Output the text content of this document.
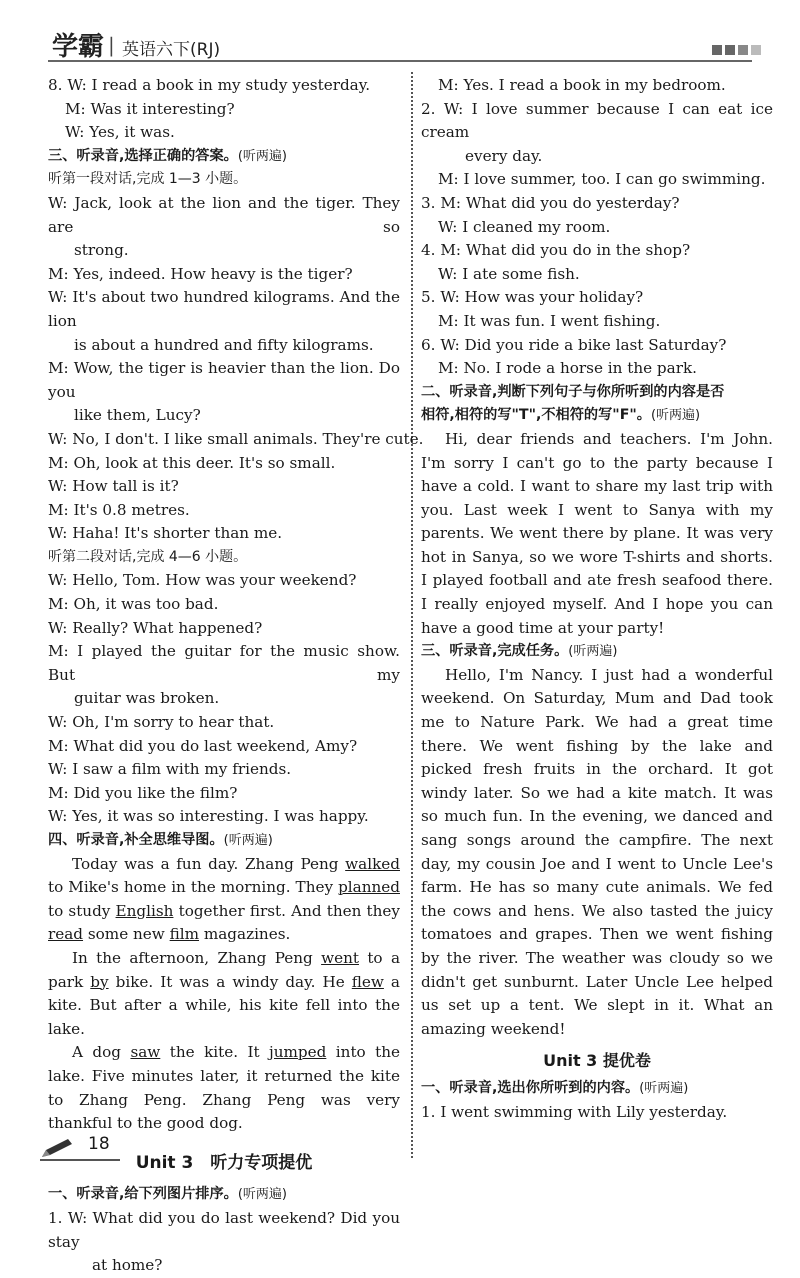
学霸 | 英语六下(RJ)
8. W: I read a book in my study yesterday.
M: Was it interesting?
W: Yes, it was.
三、听录音,选择正确的答案。(听两遍)
听第一段对话,完成 1—3 小题。
W: Jack, look at the lion and the tiger. They are so
strong.
M: Yes, indeed. How heavy is the tiger?
W: It's about two hundred kilograms. And the lion
is about a hundred and fifty kilograms.
M: Wow, the tiger is heavier than the lion. Do you
like them, Lucy?
W: No, I don't. I like small animals. They're cute.
M: Oh, look at this deer. It's so small.
W: How tall is it?
M: It's 0.8 metres.
W: Haha! It's shorter than me.
听第二段对话,完成 4—6 小题。
W: Hello, Tom. How was your weekend?
M: Oh, it was too bad.
W: Really? What happened?
M: I played the guitar for the music show. But my
guitar was broken.
W: Oh, I'm sorry to hear that.
M: What did you do last weekend, Amy?
W: I saw a film with my friends.
M: Did you like the film?
W: Yes, it was so interesting. I was happy.
四、听录音,补全思维导图。(听两遍)
Today was a fun day. Zhang Peng walked to Mike's home in the morning. They planned to study English together first. And then they read some new film magazines.
In the afternoon, Zhang Peng went to a park by bike. It was a windy day. He flew a kite. But after a while, his kite fell into the lake.
A dog saw the kite. It jumped into the lake. Five minutes later, it returned the kite to Zhang Peng. Zhang Peng was very thankful to the good dog.
Unit 3　听力专项提优
一、听录音,给下列图片排序。(听两遍)
1. W: What did you do last weekend? Did you stay
at home?
M: Yes. I read a book in my bedroom.
2. W: I love summer because I can eat ice cream
every day.
M: I love summer, too. I can go swimming.
3. M: What did you do yesterday?
W: I cleaned my room.
4. M: What did you do in the shop?
W: I ate some fish.
5. W: How was your holiday?
M: It was fun. I went fishing.
6. W: Did you ride a bike last Saturday?
M: No. I rode a horse in the park.
二、听录音,判断下列句子与你所听到的内容是否
相符,相符的写"T",不相符的写"F"。(听两遍)
Hi, dear friends and teachers. I'm John. I'm sorry I can't go to the party because I have a cold. I want to share my last trip with you. Last week I went to Sanya with my parents. We went there by plane. It was very hot in Sanya, so we wore T-shirts and shorts. I played football and ate fresh seafood there. I really enjoyed myself. And I hope you can have a good time at your party!
三、听录音,完成任务。(听两遍)
Hello, I'm Nancy. I just had a wonderful weekend. On Saturday, Mum and Dad took me to Nature Park. We had a great time there. We went fishing by the lake and picked fresh fruits in the orchard. It got windy later. So we had a kite match. It was so much fun. In the evening, we danced and sang songs around the campfire. The next day, my cousin Joe and I went to Uncle Lee's farm. He has so many cute animals. We fed the cows and hens. We also tasted the juicy tomatoes and grapes. Then we went fishing by the river. The weather was cloudy so we didn't get sunburnt. Later Uncle Lee helped us set up a tent. We slept in it. What an amazing weekend!
Unit 3 提优卷
一、听录音,选出你所听到的内容。(听两遍)
1. I went swimming with Lily yesterday.
18
